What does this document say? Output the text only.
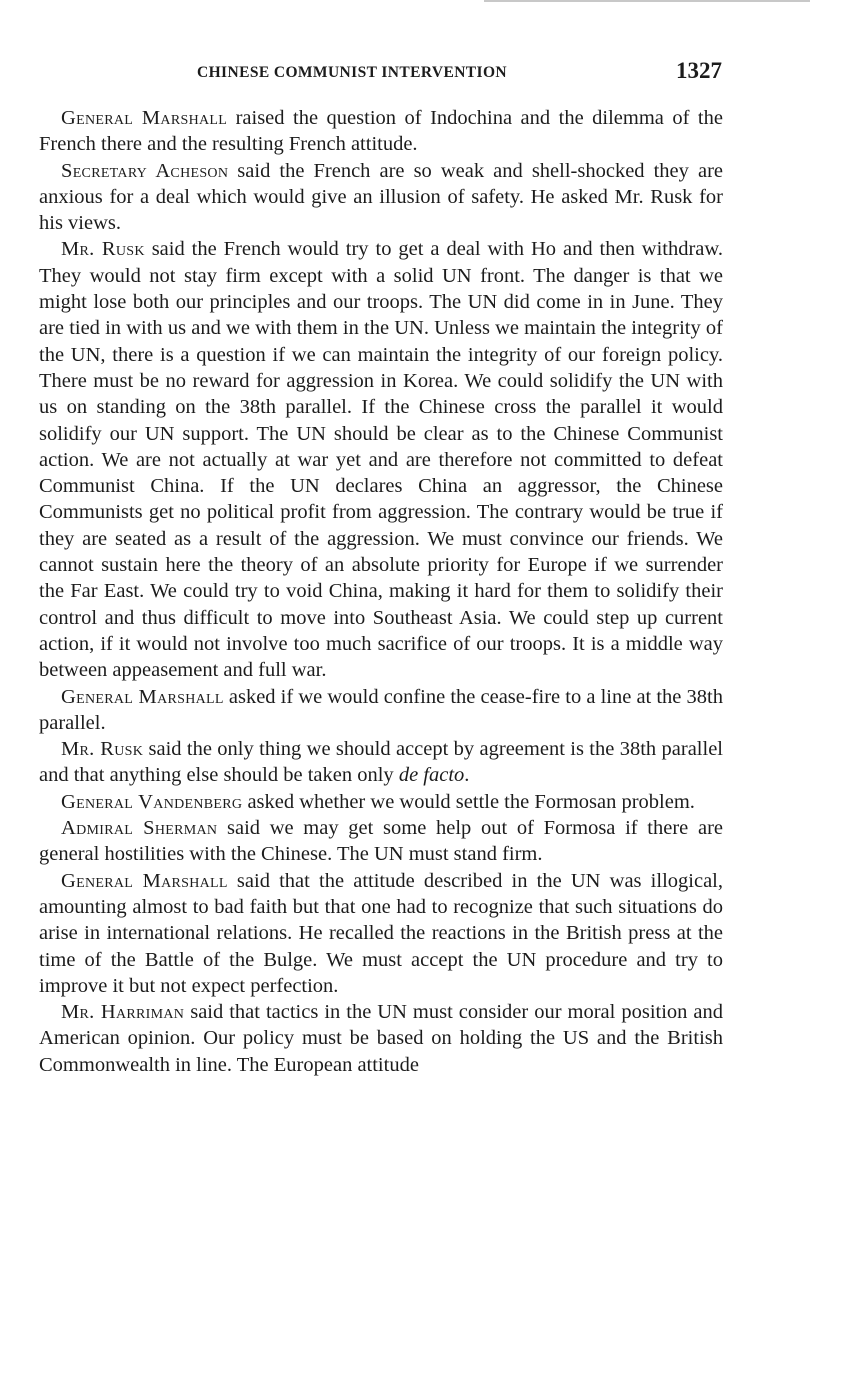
CHINESE COMMUNIST INTERVENTION	1327

General Marshall raised the question of Indochina and the dilemma of the French there and the resulting French attitude.

Secretary Acheson said the French are so weak and shell-shocked they are anxious for a deal which would give an illusion of safety. He asked Mr. Rusk for his views.

Mr. Rusk said the French would try to get a deal with Ho and then withdraw. They would not stay firm except with a solid UN front. The danger is that we might lose both our principles and our troops. The UN did come in in June. They are tied in with us and we with them in the UN. Unless we maintain the integrity of the UN, there is a question if we can maintain the integrity of our foreign policy. There must be no reward for aggression in Korea. We could solidify the UN with us on standing on the 38th parallel. If the Chinese cross the parallel it would solidify our UN support. The UN should be clear as to the Chinese Communist action. We are not actually at war yet and are therefore not committed to defeat Communist China. If the UN declares China an aggressor, the Chinese Communists get no political profit from aggression. The contrary would be true if they are seated as a result of the aggression. We must convince our friends. We cannot sustain here the theory of an absolute priority for Europe if we surrender the Far East. We could try to void China, making it hard for them to solidify their control and thus difficult to move into Southeast Asia. We could step up current action, if it would not involve too much sacrifice of our troops. It is a middle way between appeasement and full war.

General Marshall asked if we would confine the cease-fire to a line at the 38th parallel.

Mr. Rusk said the only thing we should accept by agreement is the 38th parallel and that anything else should be taken only de facto.

General Vandenberg asked whether we would settle the Formosan problem.

Admiral Sherman said we may get some help out of Formosa if there are general hostilities with the Chinese. The UN must stand firm.

General Marshall said that the attitude described in the UN was illogical, amounting almost to bad faith but that one had to recognize that such situations do arise in international relations. He recalled the reactions in the British press at the time of the Battle of the Bulge. We must accept the UN procedure and try to improve it but not expect perfection.

Mr. Harriman said that tactics in the UN must consider our moral position and American opinion. Our policy must be based on holding the US and the British Commonwealth in line. The European attitude
